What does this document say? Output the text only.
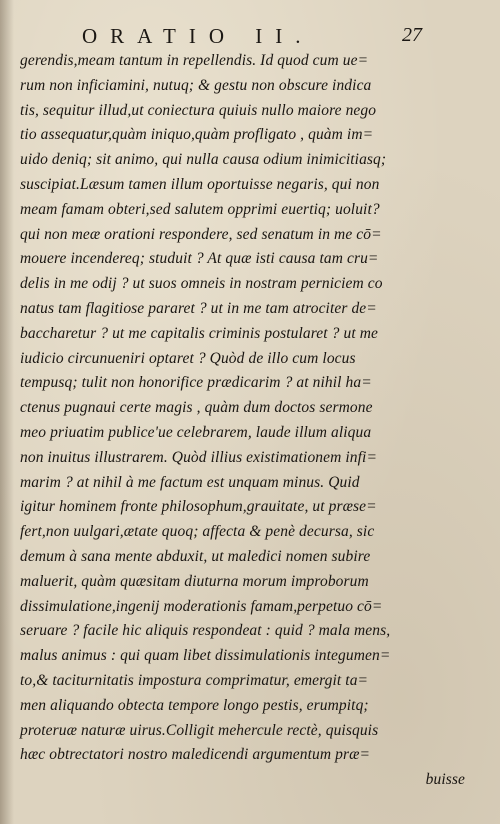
ORATIO II.	27
gerendis,meam tantum in repellendis. Id quod cum ue=
rum non inficiamini, nutuq; & gestu non obscure indica
tis, sequitur illud,ut coniectura quiuis nullo maiore nego
tio assequatur,quàm iniquo,quàm profligato , quàm im=
uido deniq; sit animo, qui nulla causa odium inimicitiasq;
suscipiat.Læsum tamen illum oportuisse negaris, qui non
meam famam obteri,sed salutem opprimi euertiq; uoluit?
qui non meæ orationi respondere, sed senatum in me cō=
mouere incendereq; studuit ? At quæ isti causa tam cru=
delis in me odij ? ut suos omneis in nostram perniciem co
natus tam flagitiose pararet ? ut in me tam atrociter de=
baccharetur ? ut me capitalis criminis postularet ? ut me
iudicio circunueniri optaret ? Quòd de illo cum locus
tempusq; tulit non honorifice prædicarim ? at nihil ha=
ctenus pugnaui certe magis , quàm dum doctos sermone
meo priuatim publice'ue celebrarem, laude illum aliqua
non inuitus illustrarem. Quòd illius existimationem infi=
marim ? at nihil à me factum est unquam minus. Quid
igitur hominem fronte philosophum,grauitate, ut præse=
fert,non uulgari,ætate quoq; affecta & penè decursa, sic
demum à sana mente abduxit, ut maledici nomen subire
maluerit, quàm quæsitam diuturna morum improborum
dissimulatione,ingenij moderationis famam,perpetuo cō=
seruare ? facile hic aliquis respondeat : quid ? mala mens,
malus animus : qui quam libet dissimulationis integumen=
to,& taciturnitatis impostura comprimatur, emergit ta=
men aliquando obtecta tempore longo pestis, erumpitq;
proteruæ naturæ uirus.Colligit mehercule rectè, quisquis
hæc obtrectatori nostro maledicendi argumentum præ=
buisse
